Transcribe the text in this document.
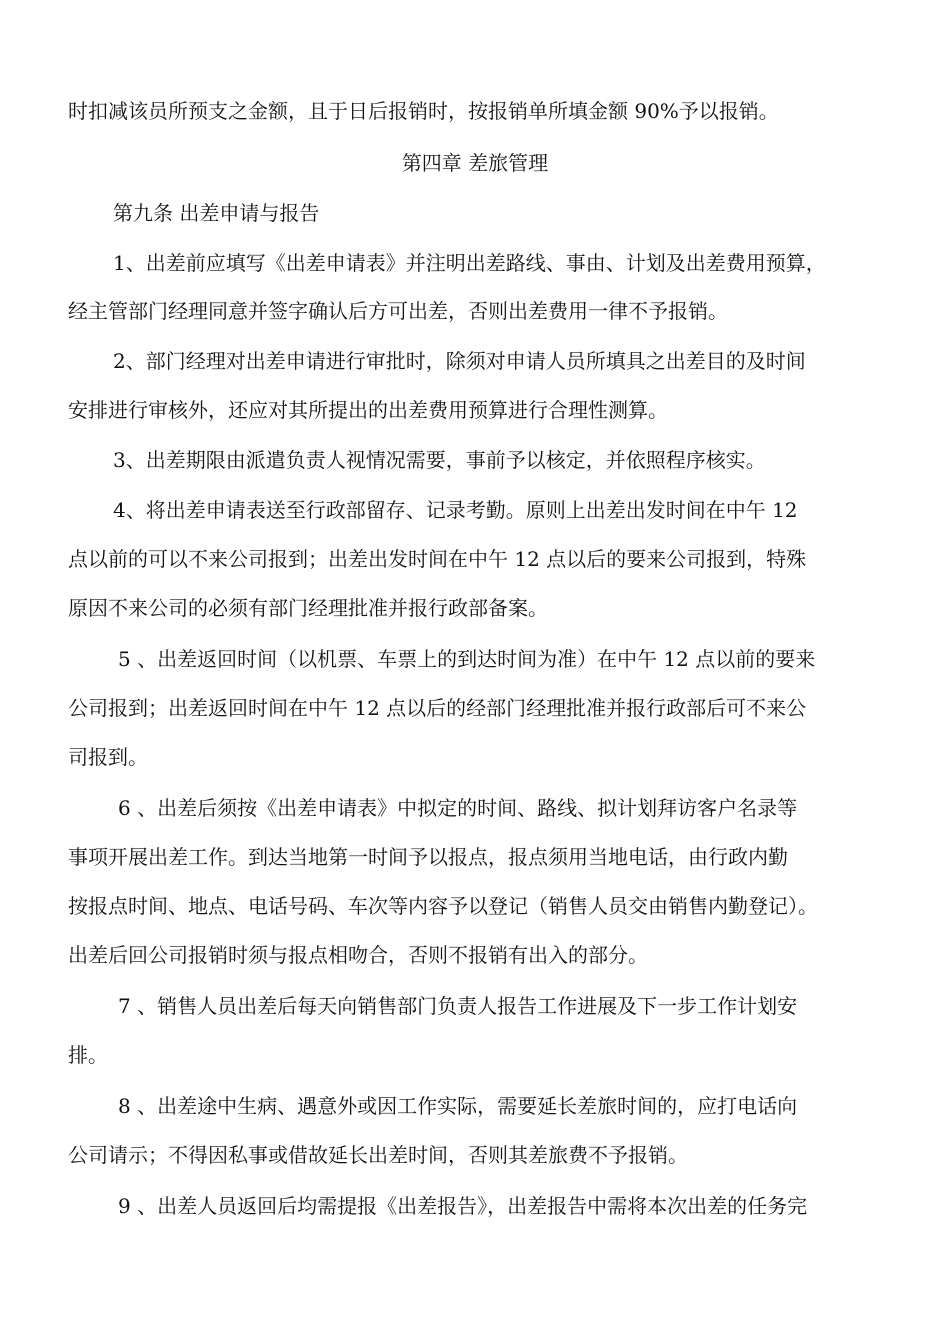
时扣减该员所预支之金额，且于日后报销时，按报销单所填金额 90%予以报销。
第四章 差旅管理
第九条 出差申请与报告
1、出差前应填写《出差申请表》并注明出差路线、事由、计划及出差费用预算，
经主管部门经理同意并签字确认后方可出差，否则出差费用一律不予报销。
2、部门经理对出差申请进行审批时，除须对申请人员所填具之出差目的及时间
安排进行审核外，还应对其所提出的出差费用预算进行合理性测算。
3、出差期限由派遣负责人视情况需要，事前予以核定，并依照程序核实。
4、将出差申请表送至行政部留存、记录考勤。原则上出差出发时间在中午 12
点以前的可以不来公司报到；出差出发时间在中午 12 点以后的要来公司报到，特殊
原因不来公司的必须有部门经理批准并报行政部备案。
5 、出差返回时间（以机票、车票上的到达时间为准）在中午 12 点以前的要来
公司报到；出差返回时间在中午 12 点以后的经部门经理批准并报行政部后可不来公
司报到。
6 、出差后须按《出差申请表》中拟定的时间、路线、拟计划拜访客户名录等
事项开展出差工作。到达当地第一时间予以报点，报点须用当地电话，由行政内勤
按报点时间、地点、电话号码、车次等内容予以登记（销售人员交由销售内勤登记）。
出差后回公司报销时须与报点相吻合，否则不报销有出入的部分。
7 、销售人员出差后每天向销售部门负责人报告工作进展及下一步工作计划安
排。
8 、出差途中生病、遇意外或因工作实际，需要延长差旅时间的，应打电话向
公司请示；不得因私事或借故延长出差时间，否则其差旅费不予报销。
9 、出差人员返回后均需提报《出差报告》，出差报告中需将本次出差的任务完
